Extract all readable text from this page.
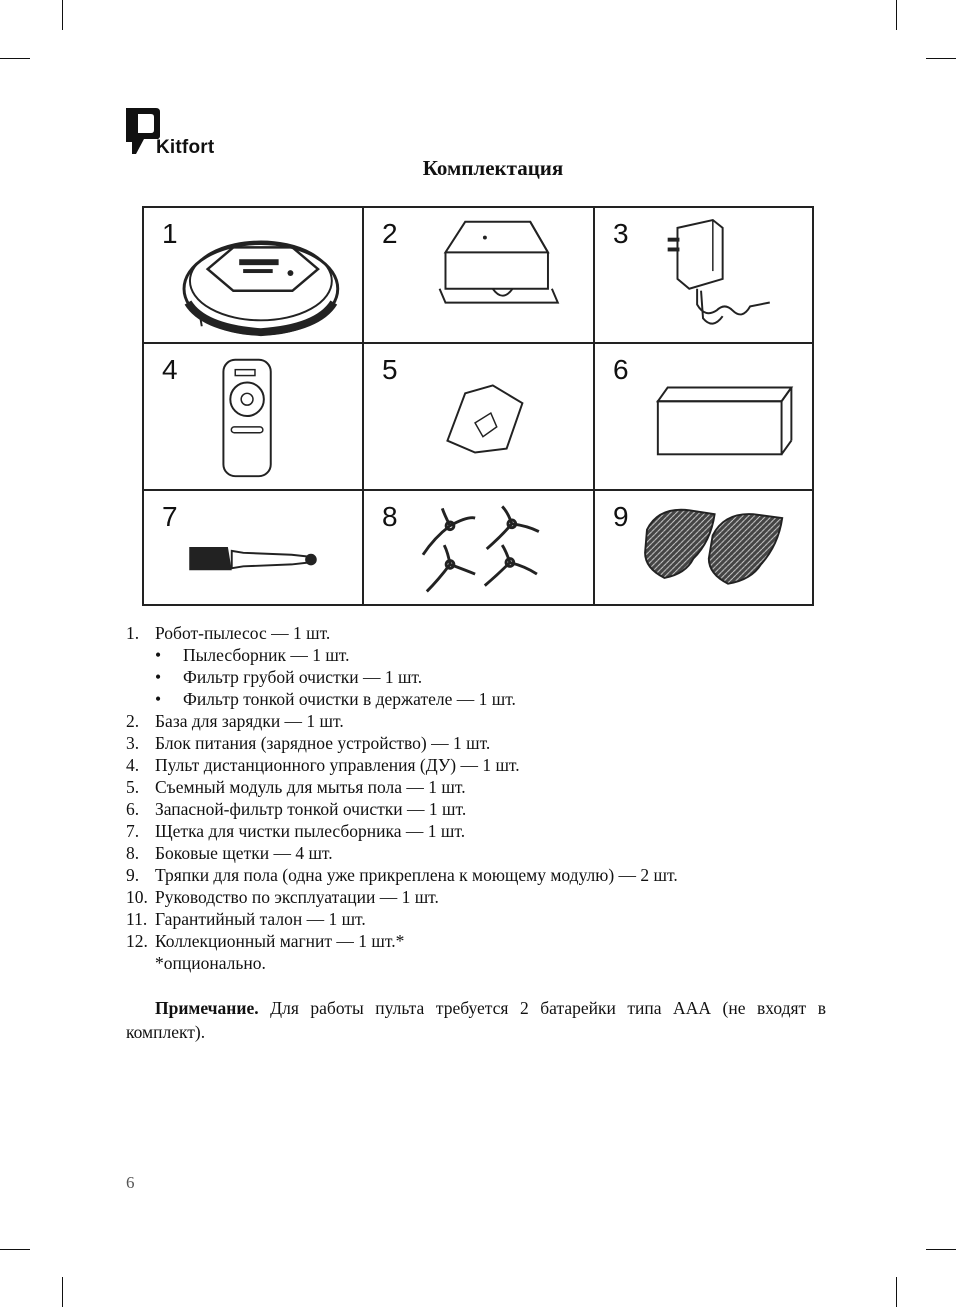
Kitfort
Комплектация
1	2	3
4	5	6
7	8	9
1. Робот-пылесос — 1 шт.
• Пылесборник — 1 шт.
• Фильтр грубой очистки — 1 шт.
• Фильтр тонкой очистки в держателе — 1 шт.
2. База для зарядки — 1 шт.
3. Блок питания (зарядное устройство) — 1 шт.
4. Пульт дистанционного управления (ДУ) — 1 шт.
5. Съемный модуль для мытья пола — 1 шт.
6. Запасной-фильтр тонкой очистки — 1 шт.
7. Щетка для чистки пылесборника — 1 шт.
8. Боковые щетки — 4 шт.
9. Тряпки для пола (одна уже прикреплена к моющему модулю) — 2 шт.
10. Руководство по эксплуатации — 1 шт.
11. Гарантийный талон — 1 шт.
12. Коллекционный магнит — 1 шт.*
*опционально.
Примечание. Для работы пульта требуется 2 батарейки типа ААА (не входят в комплект).
6
